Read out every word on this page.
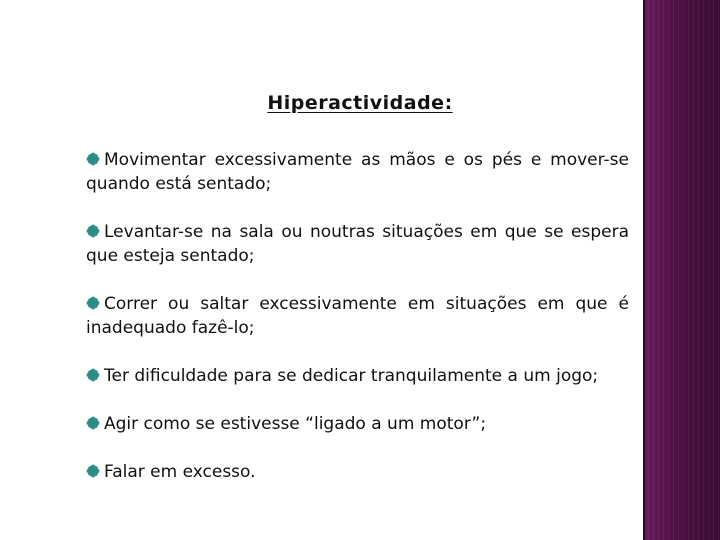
Hiperactividade:
Movimentar excessivamente as mãos e os pés e mover-se quando está sentado;
Levantar-se na sala ou noutras situações em que se espera que esteja sentado;
Correr ou saltar excessivamente em situações em que é inadequado fazê-lo;
Ter dificuldade para se dedicar tranquilamente a um jogo;
Agir como se estivesse “ligado a um motor”;
Falar em excesso.
